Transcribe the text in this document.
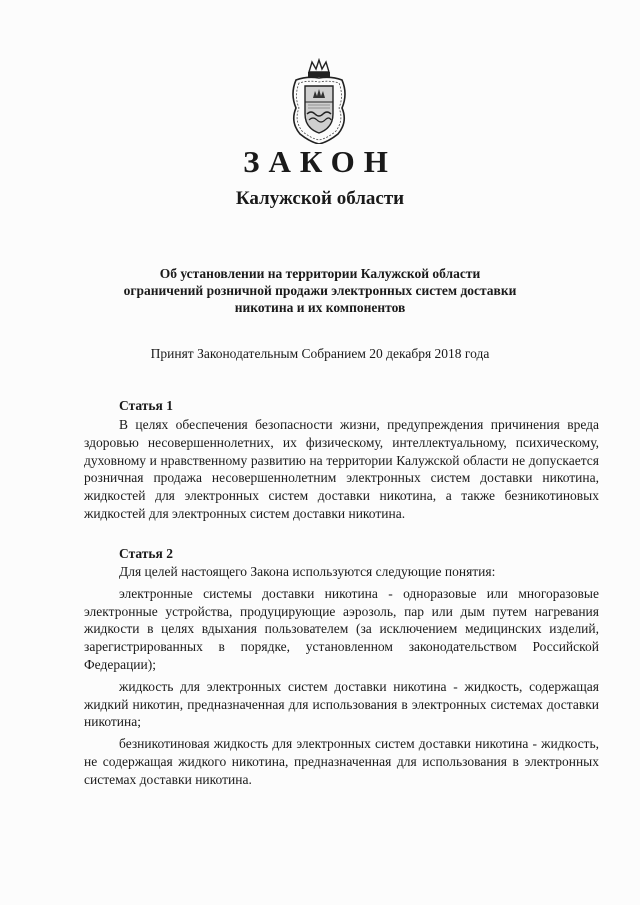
ЗАКОН
Калужской области
Об установлении на территории Калужской области ограничений розничной продажи электронных систем доставки никотина и их компонентов
Принят Законодательным Собранием 20 декабря 2018 года
Статья 1

В целях обеспечения безопасности жизни, предупреждения причинения вреда здоровью несовершеннолетних, их физическому, интеллектуальному, психическому, духовному и нравственному развитию на территории Калужской области не допускается розничная продажа несовершеннолетним электронных систем доставки никотина, жидкостей для электронных систем доставки никотина, а также безникотиновых жидкостей для электронных систем доставки никотина.

Статья 2

Для целей настоящего Закона используются следующие понятия:

электронные системы доставки никотина - одноразовые или многоразовые электронные устройства, продуцирующие аэрозоль, пар или дым путем нагревания жидкости в целях вдыхания пользователем (за исключением медицинских изделий, зарегистрированных в порядке, установленном законодательством Российской Федерации);

жидкость для электронных систем доставки никотина - жидкость, содержащая жидкий никотин, предназначенная для использования в электронных системах доставки никотина;

безникотиновая жидкость для электронных систем доставки никотина - жидкость, не содержащая жидкого никотина, предназначенная для использования в электронных системах доставки никотина.
